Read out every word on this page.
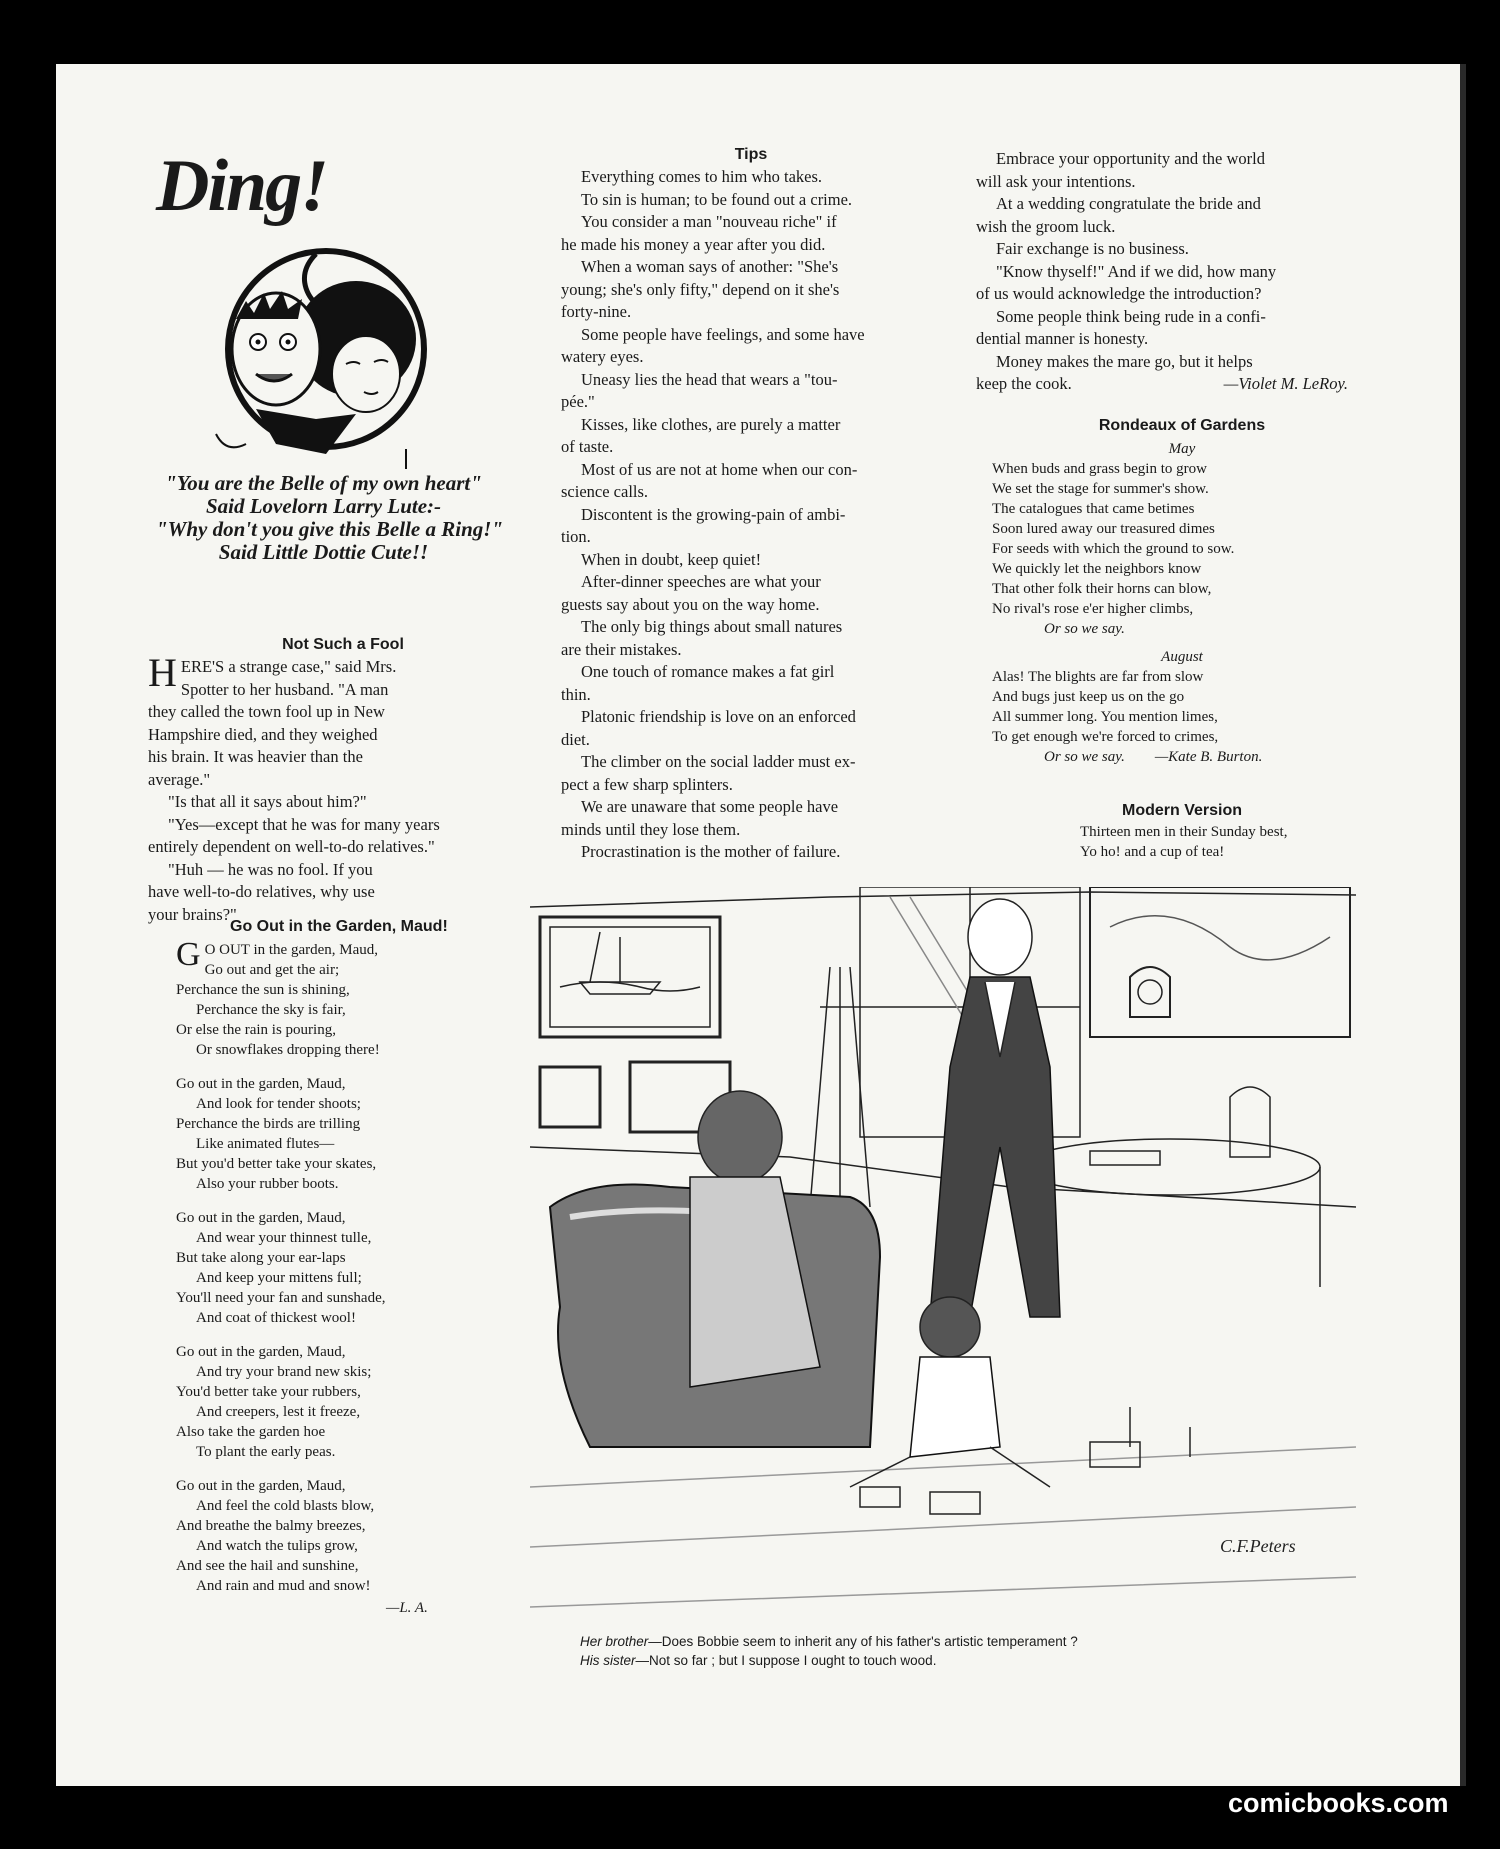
Ding!
"You are the Belle of my own heart"
Said Lovelorn Larry Lute:-
"Why don't you give this Belle a Ring!"
Said Little Dottie Cute!!
Not Such a Fool
H ERE'S a strange case," said Mrs.
Spotter to her husband. "A man
they called the town fool up in New
Hampshire died, and they weighed
his brain. It was heavier than the
average."
"Is that all it says about him?"
"Yes—except that he was for many years
entirely dependent on well-to-do relatives."
"Huh — he was no fool. If you
have well-to-do relatives, why use
your brains?"
Go Out in the Garden, Maud!
G O OUT in the garden, Maud,
Go out and get the air;
Perchance the sun is shining,
Perchance the sky is fair,
Or else the rain is pouring,
Or snowflakes dropping there!
Go out in the garden, Maud,
And look for tender shoots;
Perchance the birds are trilling
Like animated flutes—
But you'd better take your skates,
Also your rubber boots.
Go out in the garden, Maud,
And wear your thinnest tulle,
But take along your ear-laps
And keep your mittens full;
You'll need your fan and sunshade,
And coat of thickest wool!
Go out in the garden, Maud,
And try your brand new skis;
You'd better take your rubbers,
And creepers, lest it freeze,
Also take the garden hoe
To plant the early peas.
Go out in the garden, Maud,
And feel the cold blasts blow,
And breathe the balmy breezes,
And watch the tulips grow,
And see the hail and sunshine,
And rain and mud and snow!
—L. A.
Tips
Everything comes to him who takes.
To sin is human; to be found out a crime.
You consider a man "nouveau riche" if
he made his money a year after you did.
When a woman says of another: "She's
young; she's only fifty," depend on it she's
forty-nine.
Some people have feelings, and some have
watery eyes.
Uneasy lies the head that wears a "tou-
pée."
Kisses, like clothes, are purely a matter
of taste.
Most of us are not at home when our con-
science calls.
Discontent is the growing-pain of ambi-
tion.
When in doubt, keep quiet!
After-dinner speeches are what your
guests say about you on the way home.
The only big things about small natures
are their mistakes.
One touch of romance makes a fat girl
thin.
Platonic friendship is love on an enforced
diet.
The climber on the social ladder must ex-
pect a few sharp splinters.
We are unaware that some people have
minds until they lose them.
Procrastination is the mother of failure.
Embrace your opportunity and the world
will ask your intentions.
At a wedding congratulate the bride and
wish the groom luck.
Fair exchange is no business.
"Know thyself!" And if we did, how many
of us would acknowledge the introduction?
Some people think being rude in a confi-
dential manner is honesty.
Money makes the mare go, but it helps
keep the cook.	—Violet M. LeRoy.
Rondeaux of Gardens
May
When buds and grass begin to grow
We set the stage for summer's show.
The catalogues that came betimes
Soon lured away our treasured dimes
For seeds with which the ground to sow.
We quickly let the neighbors know
That other folk their horns can blow,
No rival's rose e'er higher climbs,
Or so we say.
August
Alas! The blights are far from slow
And bugs just keep us on the go
All summer long. You mention limes,
To get enough we're forced to crimes,
Or so we say. —Kate B. Burton.
Modern Version
Thirteen men in their Sunday best,
Yo ho! and a cup of tea!
C.F.Peters
Her brother—Does Bobbie seem to inherit any of his father's artistic temperament ?
His sister—Not so far ; but I suppose I ought to touch wood.
comicbooks.com
